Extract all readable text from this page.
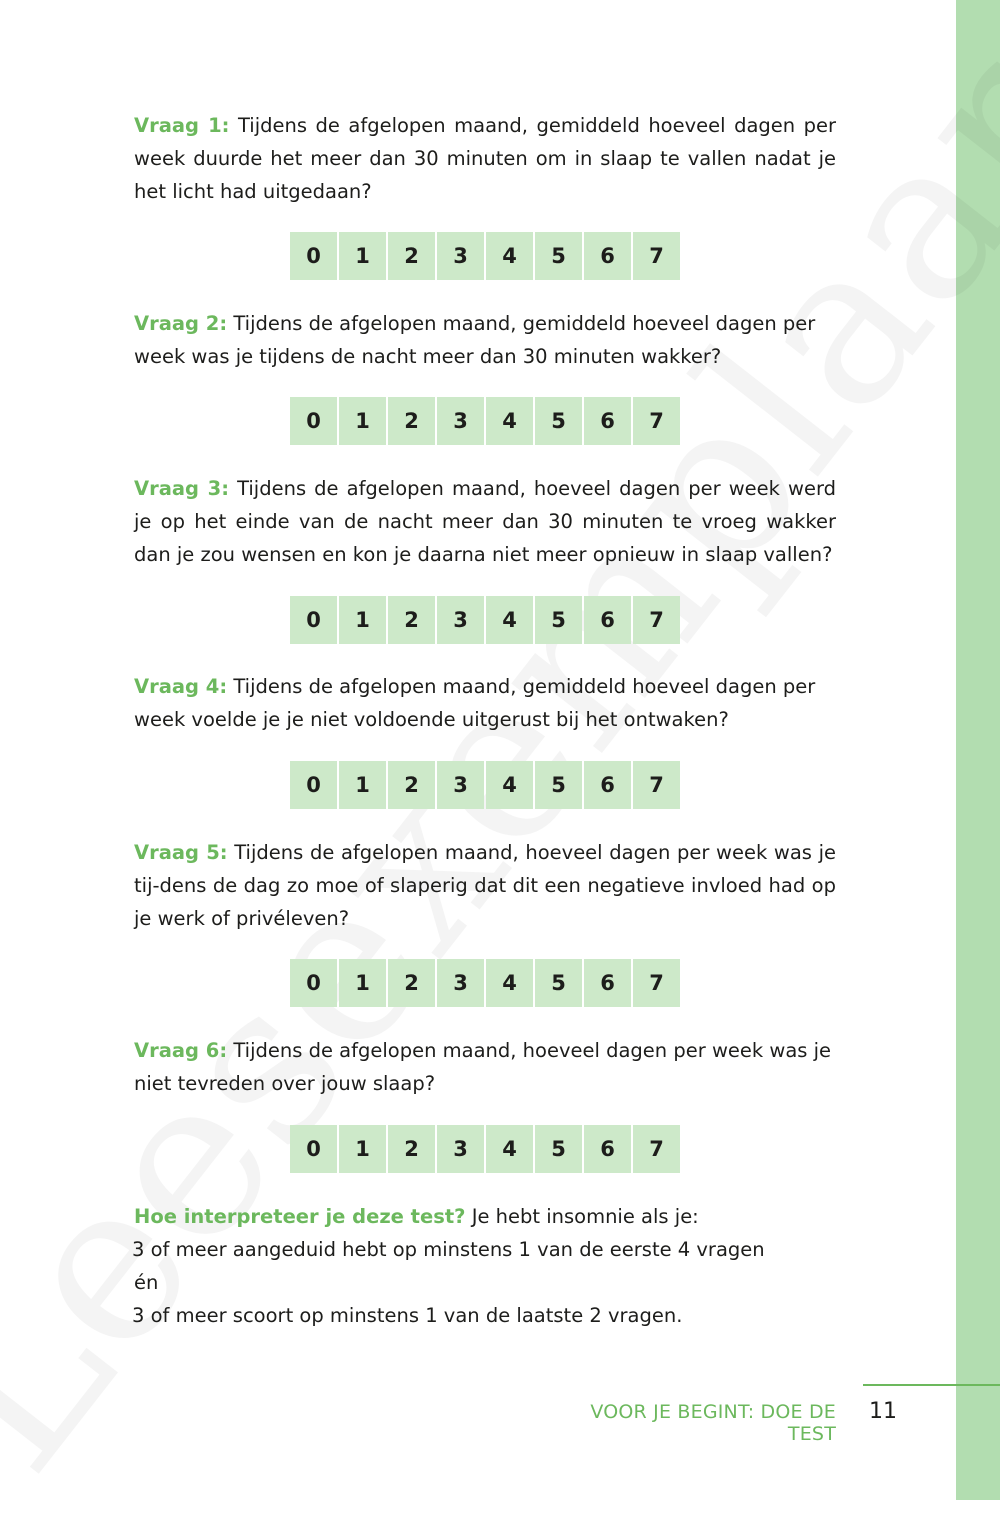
Vraag 1: Tijdens de afgelopen maand, gemiddeld hoeveel dagen per week duurde het meer dan 30 minuten om in slaap te vallen nadat je het licht had uitgedaan?
0	1	2	3	4	5	6	7
Vraag 2: Tijdens de afgelopen maand, gemiddeld hoeveel dagen per week was je tijdens de nacht meer dan 30 minuten wakker?
0	1	2	3	4	5	6	7
Vraag 3: Tijdens de afgelopen maand, hoeveel dagen per week werd je op het einde van de nacht meer dan 30 minuten te vroeg wakker dan je zou wensen en kon je daarna niet meer opnieuw in slaap vallen?
0	1	2	3	4	5	6	7
Vraag 4: Tijdens de afgelopen maand, gemiddeld hoeveel dagen per week voelde je je niet voldoende uitgerust bij het ontwaken?
0	1	2	3	4	5	6	7
Vraag 5: Tijdens de afgelopen maand, hoeveel dagen per week was je tij-dens de dag zo moe of slaperig dat dit een negatieve invloed had op je werk of privéleven?
0	1	2	3	4	5	6	7
Vraag 6: Tijdens de afgelopen maand, hoeveel dagen per week was je niet tevreden over jouw slaap?
0	1	2	3	4	5	6	7
Hoe interpreteer je deze test? Je hebt insomnie als je:
3 of meer aangeduid hebt op minstens 1 van de eerste 4 vragen
én
3 of meer scoort op minstens 1 van de laatste 2 vragen.
VOOR JE BEGINT: DOE DE TEST
11
